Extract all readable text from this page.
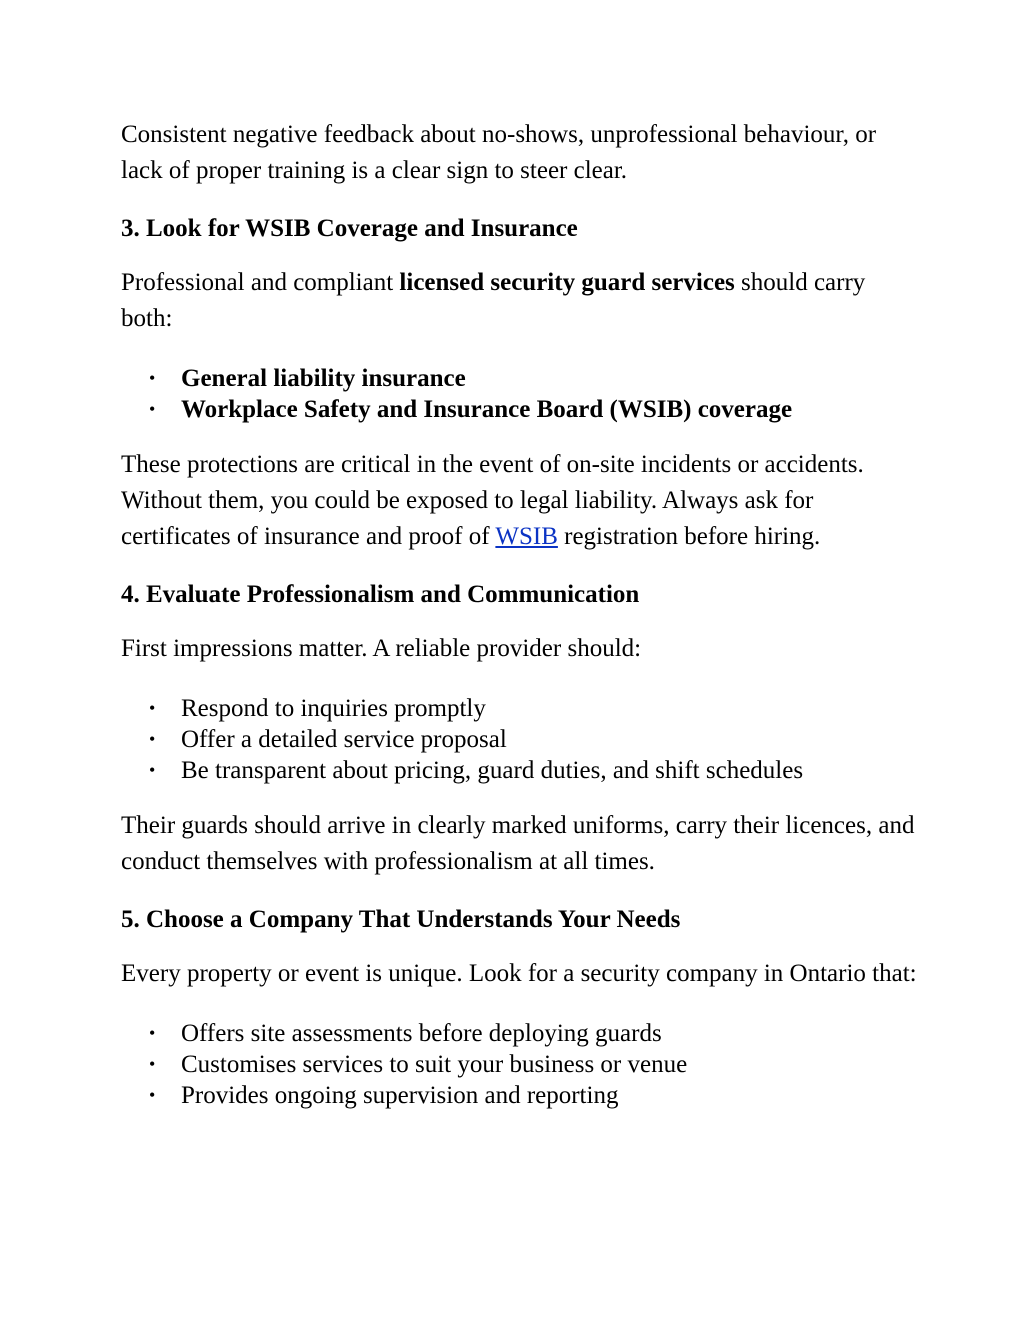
Consistent negative feedback about no-shows, unprofessional behaviour, or lack of proper training is a clear sign to steer clear.

3. Look for WSIB Coverage and Insurance

Professional and compliant licensed security guard services should carry both:

• General liability insurance
• Workplace Safety and Insurance Board (WSIB) coverage

These protections are critical in the event of on-site incidents or accidents. Without them, you could be exposed to legal liability. Always ask for certificates of insurance and proof of WSIB registration before hiring.

4. Evaluate Professionalism and Communication

First impressions matter. A reliable provider should:

• Respond to inquiries promptly
• Offer a detailed service proposal
• Be transparent about pricing, guard duties, and shift schedules

Their guards should arrive in clearly marked uniforms, carry their licences, and conduct themselves with professionalism at all times.

5. Choose a Company That Understands Your Needs

Every property or event is unique. Look for a security company in Ontario that:

• Offers site assessments before deploying guards
• Customises services to suit your business or venue
• Provides ongoing supervision and reporting
